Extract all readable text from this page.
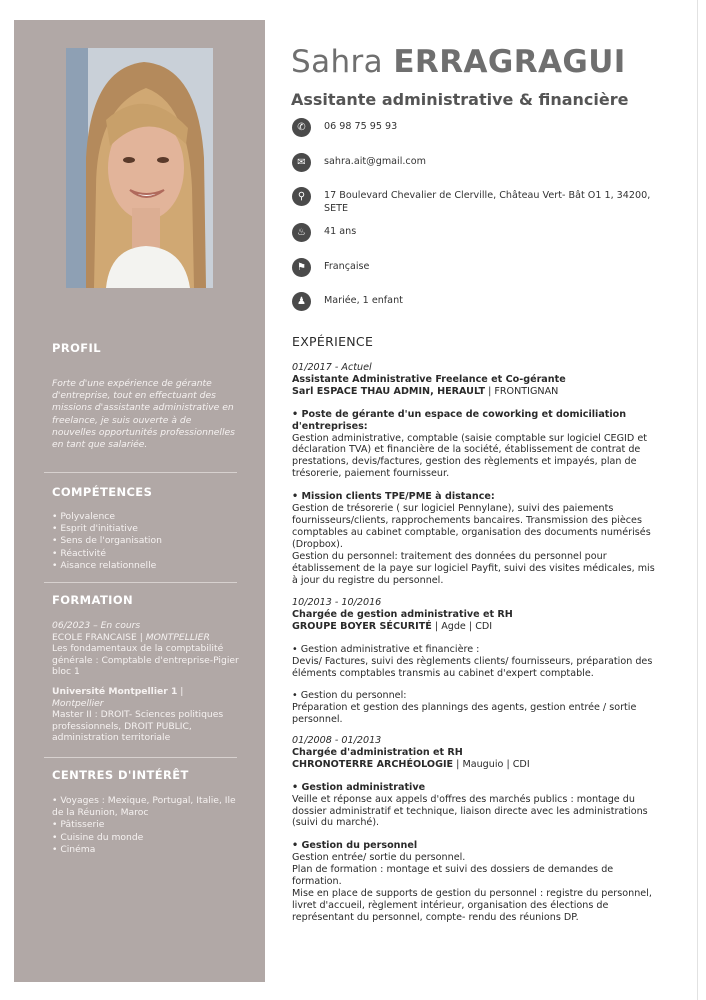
PROFIL
Forte d'une expérience de gérante d'entreprise, tout en effectuant des missions d'assistante administrative en freelance, je suis ouverte à de nouvelles opportunités professionnelles en tant que salariée.
COMPÉTENCES
• Polyvalence
• Esprit d'initiative
• Sens de l'organisation
• Réactivité
• Aisance relationnelle
FORMATION
06/2023 – En cours
ECOLE FRANCAISE | MONTPELLIER
Les fondamentaux de la comptabilité générale : Comptable d'entreprise-Pigier bloc 1
Université Montpellier 1 |
Montpellier
Master II : DROIT- Sciences politiques professionnels, DROIT PUBLIC, administration territoriale
CENTRES D'INTÉRÊT
• Voyages : Mexique, Portugal, Italie, Ile de la Réunion, Maroc
• Pâtisserie
• Cuisine du monde
• Cinéma
Sahra ERRAGRAGUI
Assitante administrative & financière
✆	06 98 75 95 93
✉	sahra.ait@gmail.com
⚲	17 Boulevard Chevalier de Clerville, Château Vert- Bât O1 1, 34200, SETE
♨	41 ans
⚑	Française
♟	Mariée, 1 enfant
EXPÉRIENCE
01/2017 - Actuel
Assistante Administrative Freelance et Co-gérante
Sarl ESPACE THAU ADMIN, HERAULT | FRONTIGNAN
• Poste de gérante d'un espace de coworking et domiciliation d'entreprises:

Gestion administrative, comptable (saisie comptable sur logiciel CEGID et déclaration TVA) et financière de la société, établissement de contrat de prestations, devis/factures, gestion des règlements et impayés, plan de trésorerie, paiement fournisseur.

• Mission clients TPE/PME à distance:

Gestion de trésorerie ( sur logiciel Pennylane), suivi des paiements fournisseurs/clients, rapprochements bancaires. Transmission des pièces comptables au cabinet comptable, organisation des documents numérisés (Dropbox).

Gestion du personnel: traitement des données du personnel pour établissement de la paye sur logiciel Payfit, suivi des visites médicales, mis à jour du registre du personnel.

10/2013 - 10/2016
Chargée de gestion administrative et RH
GROUPE BOYER SÉCURITÉ | Agde | CDI
• Gestion administrative et financière :

Devis/ Factures, suivi des règlements clients/ fournisseurs, préparation des éléments comptables transmis au cabinet d'expert comptable.

• Gestion du personnel:

Préparation et gestion des plannings des agents, gestion entrée / sortie personnel.

01/2008 - 01/2013
Chargée d'administration et RH
CHRONOTERRE ARCHÉOLOGIE | Mauguio | CDI
• Gestion administrative

Veille et réponse aux appels d'offres des marchés publics : montage du dossier administratif et technique, liaison directe avec les administrations (suivi du marché).

• Gestion du personnel

Gestion entrée/ sortie du personnel.

Plan de formation : montage et suivi des dossiers de demandes de formation.

Mise en place de supports de gestion du personnel : registre du personnel, livret d'accueil, règlement intérieur, organisation des élections de représentant du personnel, compte- rendu des réunions DP.
